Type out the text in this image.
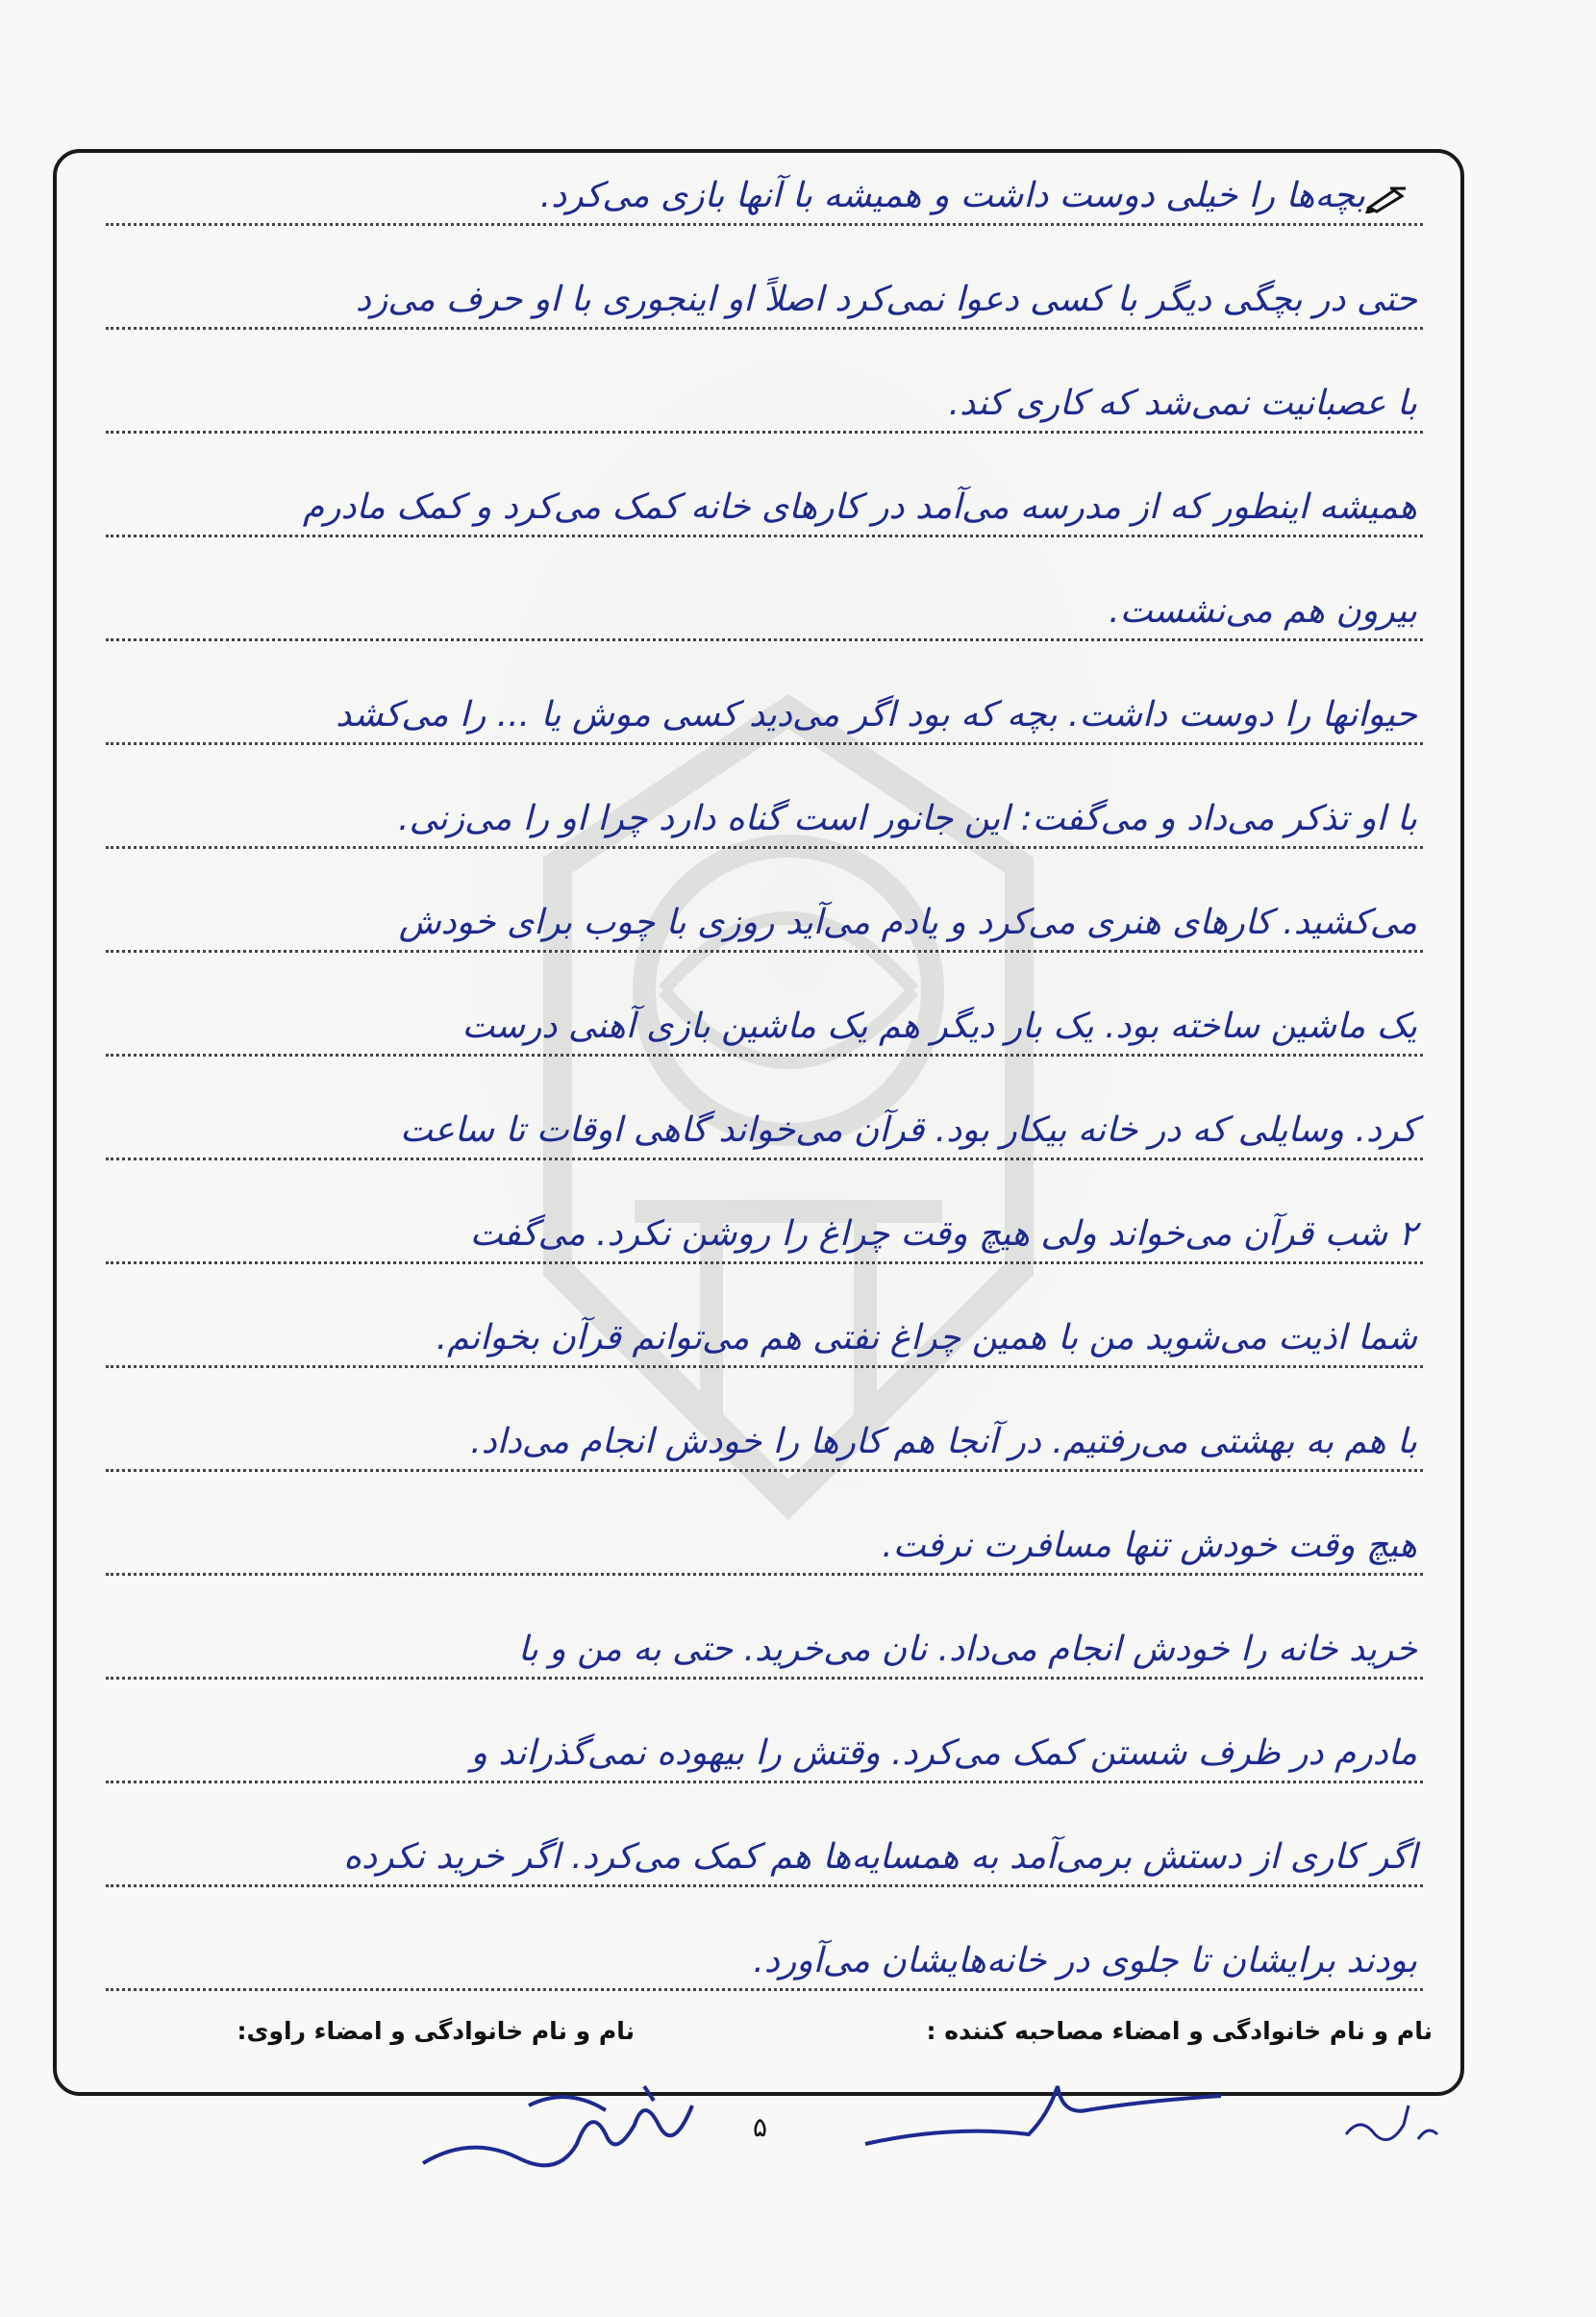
بچه‌ها را خیلی دوست داشت و همیشه با آنها بازی می‌کرد.
حتی در بچگی دیگر با کسی دعوا نمی‌کرد اصلاً او اینجوری با او حرف می‌زد
با عصبانیت نمی‌شد که کاری کند.
همیشه اینطور که از مدرسه می‌آمد در کارهای خانه کمک می‌کرد و کمک مادرم
بیرون هم می‌نشست.
حیوانها را دوست داشت. بچه که بود اگر می‌دید کسی موش یا ... را می‌کشد
با او تذکر می‌داد و می‌گفت: این جانور است گناه دارد چرا او را می‌زنی.
می‌کشید. کارهای هنری می‌کرد و یادم می‌آید روزی با چوب برای خودش
یک ماشین ساخته بود. یک بار دیگر هم یک ماشین بازی آهنی درست
کرد. وسایلی که در خانه بیکار بود. قرآن می‌خواند گاهی اوقات تا ساعت
۲ شب قرآن می‌خواند ولی هیچ وقت چراغ را روشن نکرد. می‌گفت
شما اذیت می‌شوید من با همین چراغ نفتی هم می‌توانم قرآن بخوانم.
با هم به بهشتی می‌رفتیم. در آنجا هم کارها را خودش انجام می‌داد.
هیچ وقت خودش تنها مسافرت نرفت.
خرید خانه را خودش انجام می‌داد. نان می‌خرید. حتی به من و با
مادرم در ظرف شستن کمک می‌کرد. وقتش را بیهوده نمی‌گذراند و
اگر کاری از دستش برمی‌آمد به همسایه‌ها هم کمک می‌کرد. اگر خرید نکرده
بودند برایشان تا جلوی در خانه‌هایشان می‌آورد.
نام و نام خانوادگی و امضاء مصاحبه کننده :
نام و نام خانوادگی و امضاء راوی:
۵
